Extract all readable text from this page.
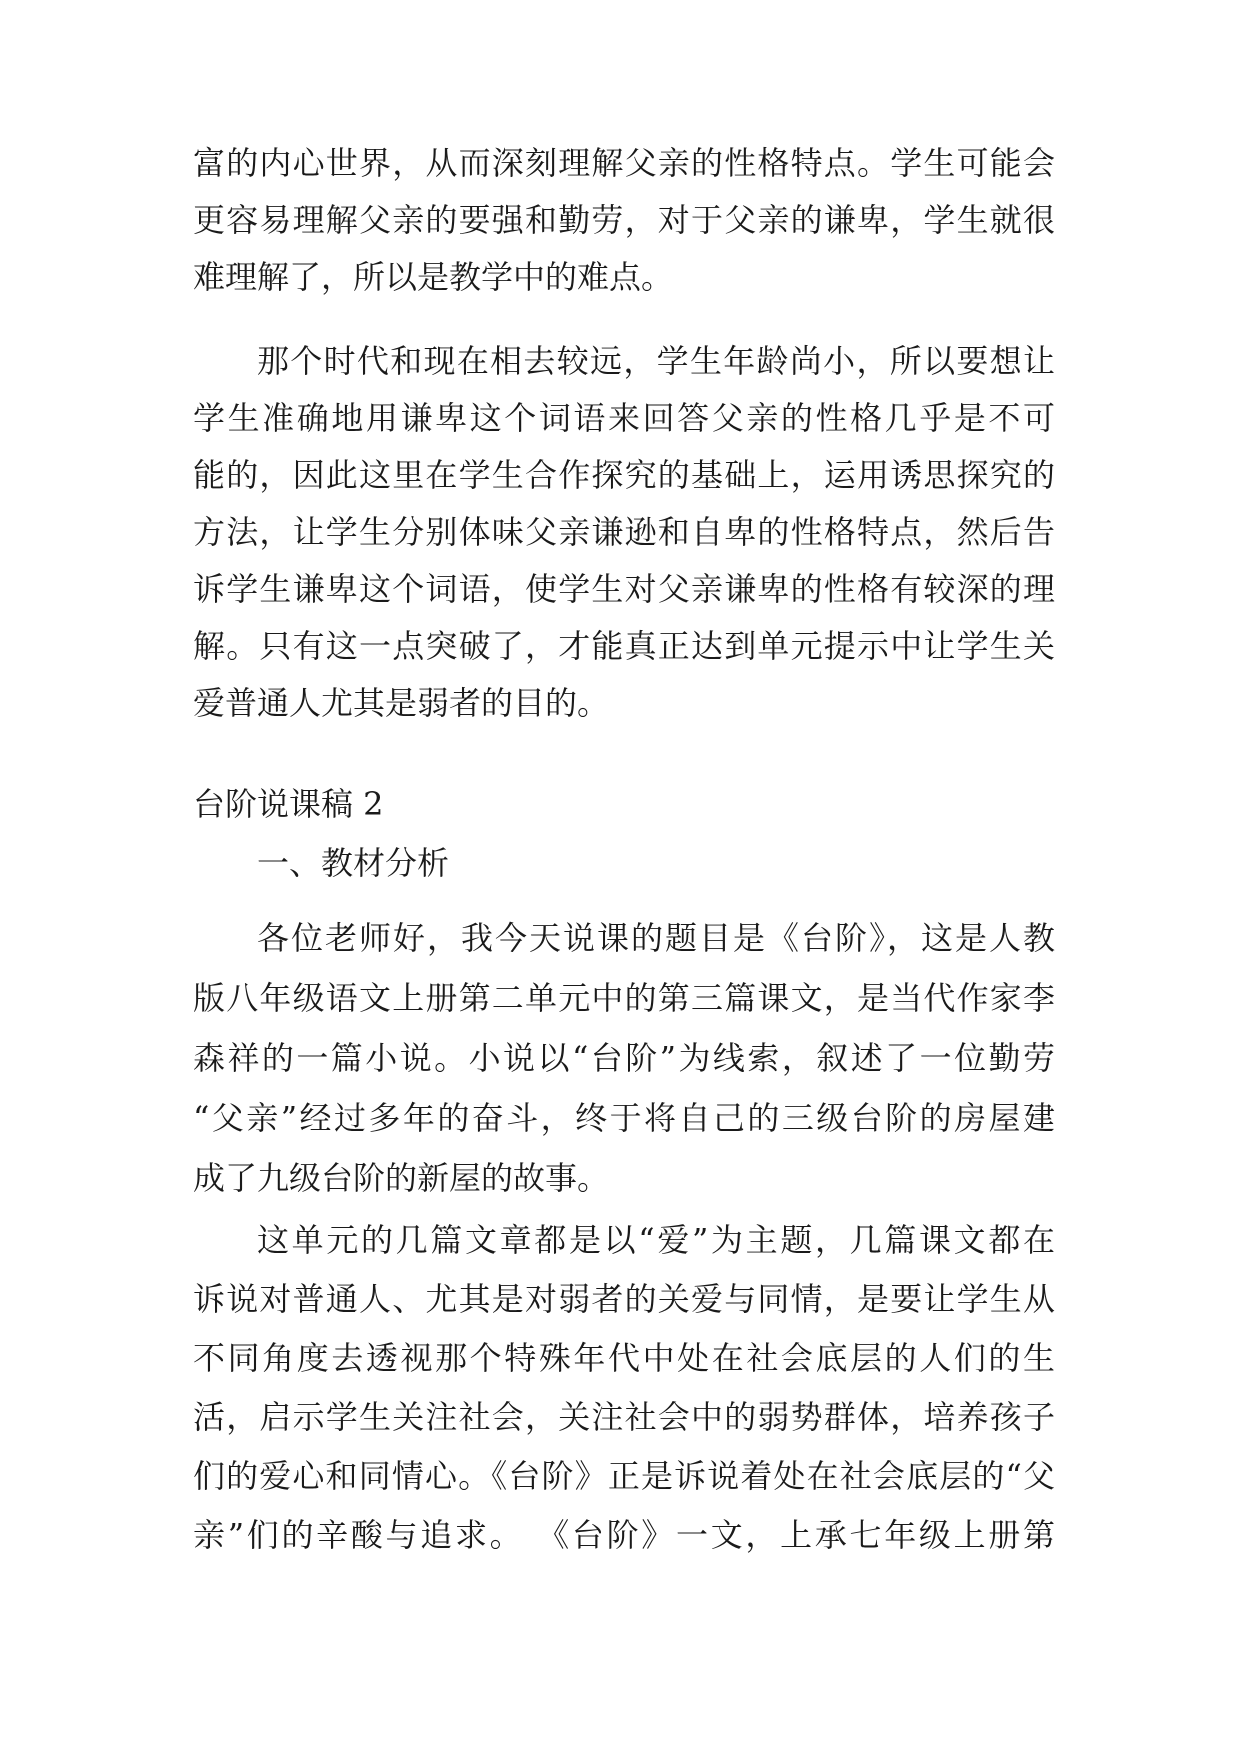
富的内心世界，从而深刻理解父亲的性格特点。学生可能会
更容易理解父亲的要强和勤劳，对于父亲的谦卑，学生就很
难理解了，所以是教学中的难点。
那个时代和现在相去较远，学生年龄尚小，所以要想让
学生准确地用谦卑这个词语来回答父亲的性格几乎是不可
能的，因此这里在学生合作探究的基础上，运用诱思探究的
方法，让学生分别体味父亲谦逊和自卑的性格特点，然后告
诉学生谦卑这个词语，使学生对父亲谦卑的性格有较深的理
解。只有这一点突破了，才能真正达到单元提示中让学生关
爱普通人尤其是弱者的目的。
台阶说课稿 2
一、教材分析
各位老师好，我今天说课的题目是《台阶》，这是人教
版八年级语文上册第二单元中的第三篇课文，是当代作家李
森祥的一篇小说。小说以“台阶”为线索，叙述了一位勤劳
“父亲”经过多年的奋斗，终于将自己的三级台阶的房屋建
成了九级台阶的新屋的故事。
这单元的几篇文章都是以“爱”为主题，几篇课文都在
诉说对普通人、尤其是对弱者的关爱与同情，是要让学生从
不同角度去透视那个特殊年代中处在社会底层的人们的生
活，启示学生关注社会，关注社会中的弱势群体，培养孩子
们的爱心和同情心。《台阶》正是诉说着处在社会底层的“父
亲”们的辛酸与追求。 《台阶》一文，上承七年级上册第
